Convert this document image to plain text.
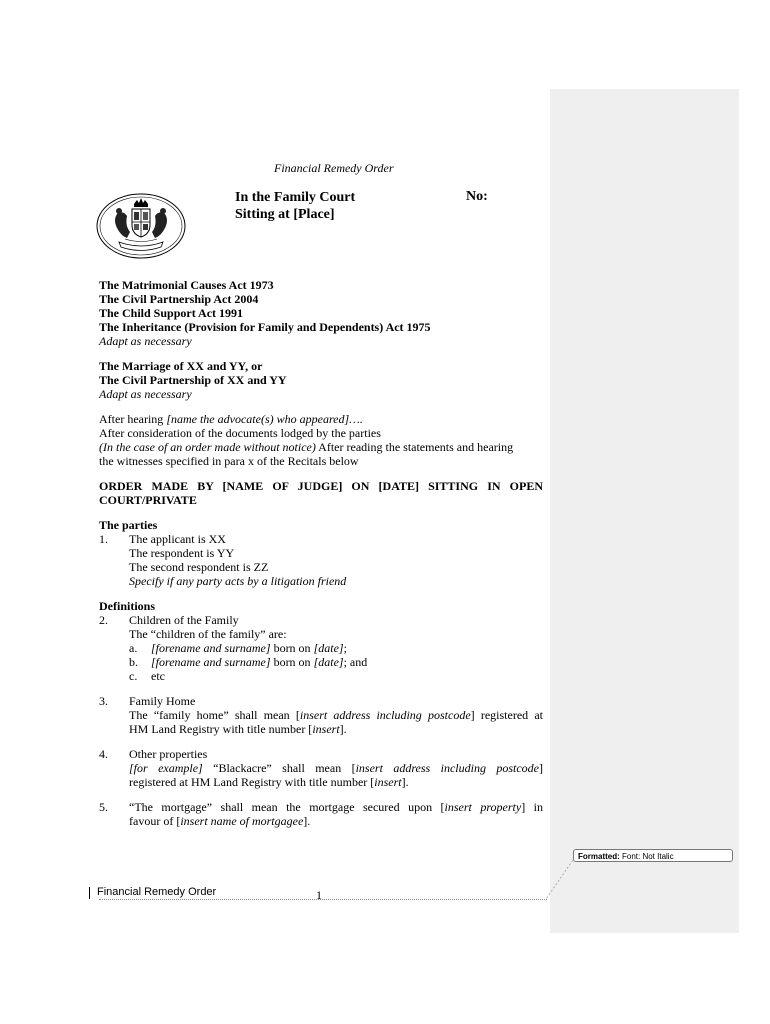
Financial Remedy Order
In the Family Court
Sitting at [Place]
No:
The Matrimonial Causes Act 1973
The Civil Partnership Act 2004
The Child Support Act 1991
The Inheritance (Provision for Family and Dependents) Act 1975
Adapt as necessary
The Marriage of XX and YY, or
The Civil Partnership of XX and YY
Adapt as necessary
After hearing [name the advocate(s) who appeared]….
After consideration of the documents lodged by the parties
(In the case of an order made without notice) After reading the statements and hearing
the witnesses specified in para x of the Recitals below
ORDER MADE BY [NAME OF JUDGE] ON [DATE] SITTING IN OPEN
COURT/PRIVATE
The parties
1.	The applicant is XX
The respondent is YY
The second respondent is ZZ
Specify if any party acts by a litigation friend
Definitions
2.	Children of the Family
The “children of the family” are:
a.	[forename and surname] born on [date];
b.	[forename and surname] born on [date]; and
c.	etc
3.	Family Home
The “family home” shall mean [insert address including postcode] registered at
HM Land Registry with title number [insert].
4.	Other properties
[for example] “Blackacre” shall mean [insert address including postcode]
registered at HM Land Registry with title number [insert].
5.	“The mortgage” shall mean the mortgage secured upon [insert property] in
favour of [insert name of mortgagee].
Financial Remedy Order	1
Formatted: Font: Not Italic
